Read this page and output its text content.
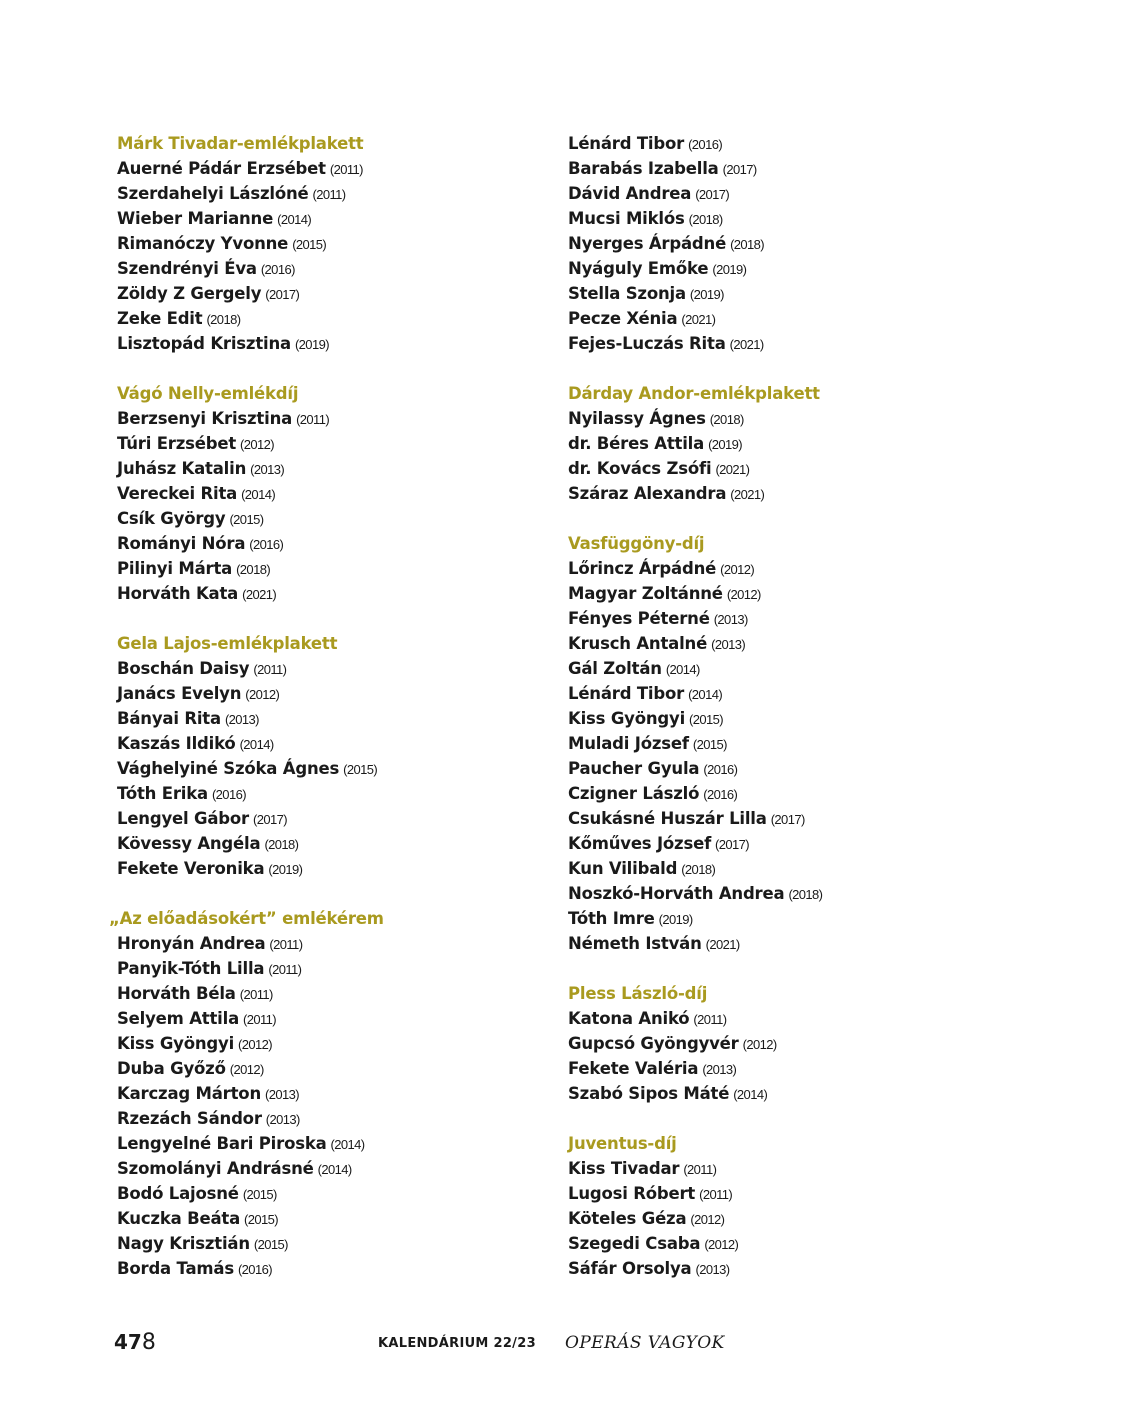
Márk Tivadar-emlékplakett
Auerné Pádár Erzsébet (2011)
Szerdahelyi Lászlóné (2011)
Wieber Marianne (2014)
Rimanóczy Yvonne (2015)
Szendrényi Éva (2016)
Zöldy Z Gergely (2017)
Zeke Edit (2018)
Lisztopád Krisztina (2019)
Vágó Nelly-emlékdíj
Berzsenyi Krisztina (2011)
Túri Erzsébet (2012)
Juhász Katalin (2013)
Vereckei Rita (2014)
Csík György (2015)
Rományi Nóra (2016)
Pilinyi Márta (2018)
Horváth Kata (2021)
Gela Lajos-emlékplakett
Boschán Daisy (2011)
Janács Evelyn (2012)
Bányai Rita (2013)
Kaszás Ildikó (2014)
Vághelyiné Szóka Ágnes (2015)
Tóth Erika (2016)
Lengyel Gábor (2017)
Kövessy Angéla (2018)
Fekete Veronika (2019)
„Az előadásokért” emlékérem
Hronyán Andrea (2011)
Panyik-Tóth Lilla (2011)
Horváth Béla (2011)
Selyem Attila (2011)
Kiss Gyöngyi (2012)
Duba Győző (2012)
Karczag Márton (2013)
Rzezách Sándor (2013)
Lengyelné Bari Piroska (2014)
Szomolányi Andrásné (2014)
Bodó Lajosné (2015)
Kuczka Beáta (2015)
Nagy Krisztián (2015)
Borda Tamás (2016)
Lénárd Tibor (2016)
Barabás Izabella (2017)
Dávid Andrea (2017)
Mucsi Miklós (2018)
Nyerges Árpádné (2018)
Nyáguly Emőke (2019)
Stella Szonja (2019)
Pecze Xénia (2021)
Fejes-Luczás Rita (2021)
Dárday Andor-emlékplakett
Nyilassy Ágnes (2018)
dr. Béres Attila (2019)
dr. Kovács Zsófi (2021)
Száraz Alexandra (2021)
Vasfüggöny-díj
Lőrincz Árpádné (2012)
Magyar Zoltánné (2012)
Fényes Péterné (2013)
Krusch Antalné (2013)
Gál Zoltán (2014)
Lénárd Tibor (2014)
Kiss Gyöngyi (2015)
Muladi József (2015)
Paucher Gyula (2016)
Czigner László (2016)
Csukásné Huszár Lilla (2017)
Kőműves József (2017)
Kun Vilibald (2018)
Noszkó-Horváth Andrea (2018)
Tóth Imre (2019)
Németh István (2021)
Pless László-díj
Katona Anikó (2011)
Gupcsó Gyöngyvér (2012)
Fekete Valéria (2013)
Szabó Sipos Máté (2014)
Juventus-díj
Kiss Tivadar (2011)
Lugosi Róbert (2011)
Köteles Géza (2012)
Szegedi Csaba (2012)
Sáfár Orsolya (2013)
478	KALENDÁRIUM 22/23 OPERÁS VAGYOK
